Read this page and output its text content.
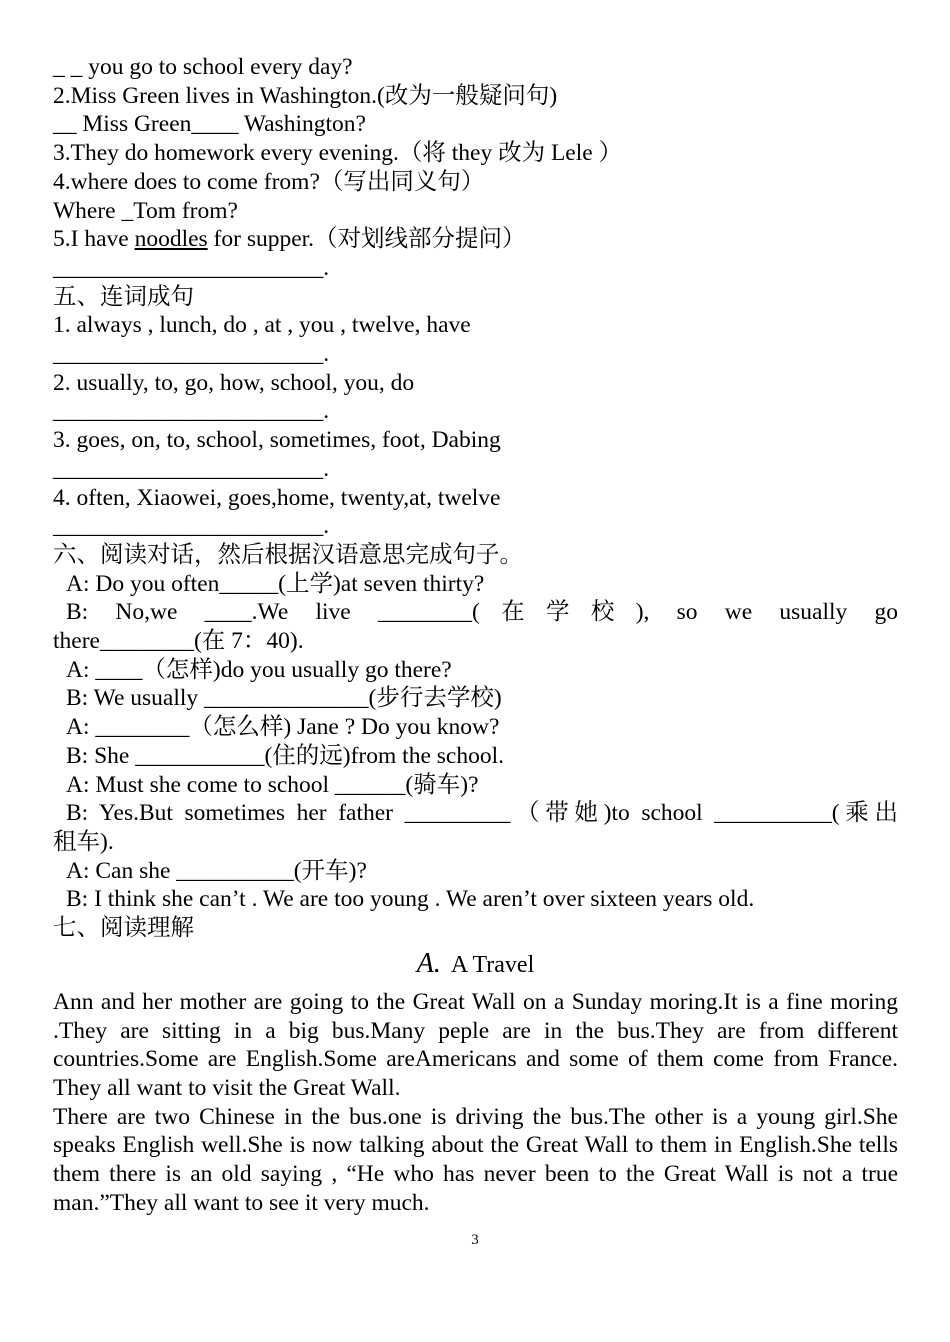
_ _ you go to school every day?
2.Miss Green lives in Washington.(改为一般疑问句)
__ Miss Green____ Washington?
3.They do homework every evening.（将 they 改为 Lele ）
4.where does to come from?（写出同义句）
Where _Tom from?
5.I have noodles for supper.（对划线部分提问）
_______________________.
五、连词成句
1. always , lunch, do , at , you , twelve, have
_______________________.
2. usually, to, go, how, school, you, do
_______________________.
3. goes, on, to, school, sometimes, foot, Dabing
_______________________.
4. often, Xiaowei, goes,home, twenty,at, twelve
_______________________.
六、阅读对话，然后根据汉语意思完成句子。
A: Do you often_____(上学)at seven thirty?
B: No,we ____.We live ________(在学校), so we usually go
there________(在 7：40).
A: ____（怎样)do you usually go there?
B: We usually ______________(步行去学校)
A: ________（怎么样) Jane ? Do you know?
B: She ___________(住的远)from the school.
A: Must she come to school ______(骑车)?
B: Yes.But sometimes her father _________（带她)to school __________(乘出
租车).
A: Can she __________(开车)?
B: I think she can’t . We are too young . We aren’t over sixteen years old.
七、阅读理解
A. A Travel
Ann and her mother are going to the Great Wall on a Sunday moring.It is a fine moring .They are sitting in a big bus.Many peple are in the bus.They are from different countries.Some are English.Some areAmericans and some of them come from France. They all want to visit the Great Wall.
There are two Chinese in the bus.one is driving the bus.The other is a young girl.She speaks English well.She is now talking about the Great Wall to them in English.She tells them there is an old saying , “He who has never been to the Great Wall is not a true man.”They all want to see it very much.
3
